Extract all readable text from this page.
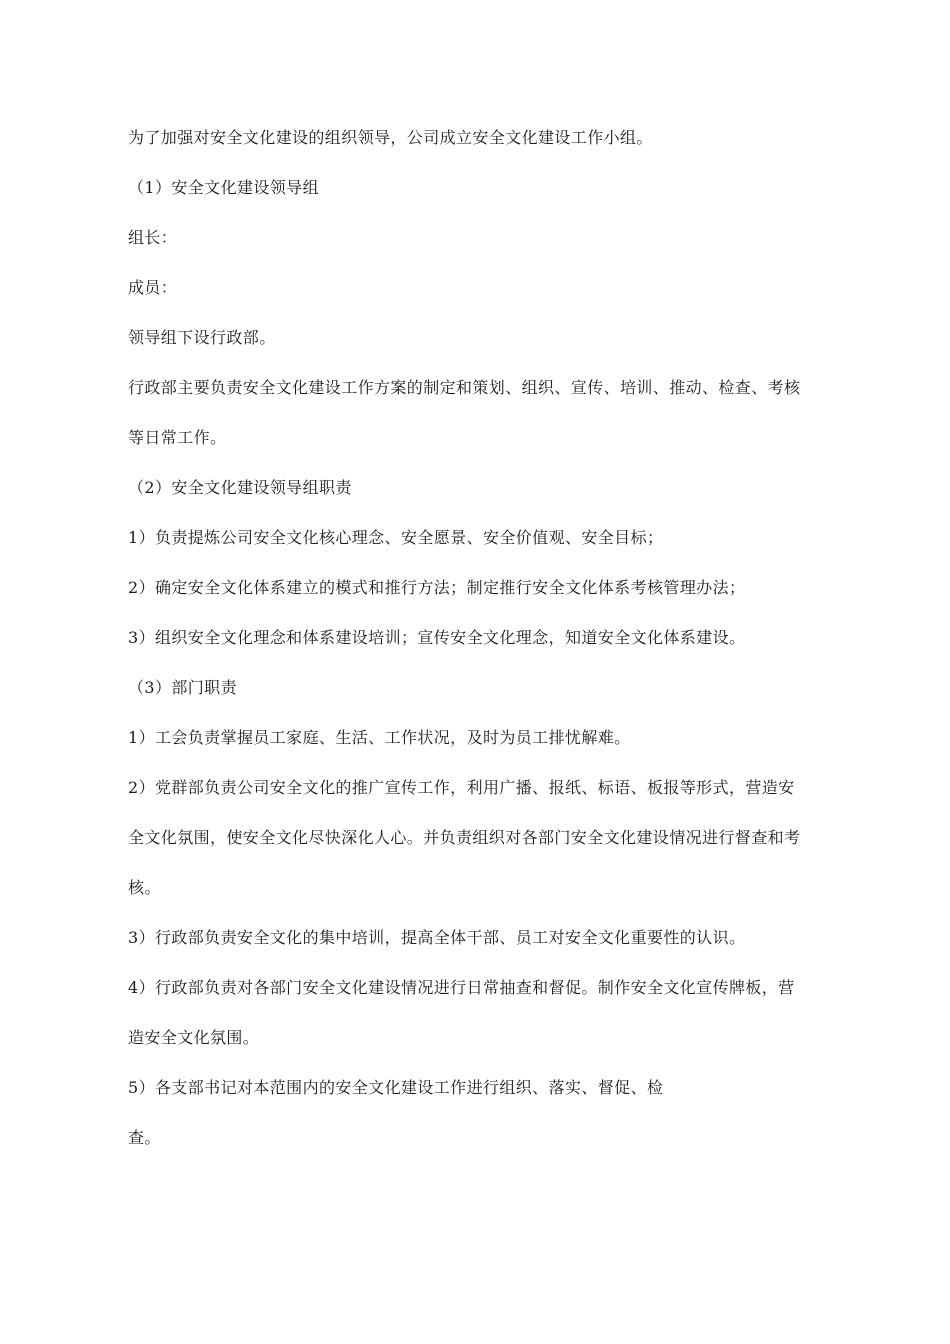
为了加强对安全文化建设的组织领导，公司成立安全文化建设工作小组。
（1）安全文化建设领导组
组长：
成员：
领导组下设行政部。
行政部主要负责安全文化建设工作方案的制定和策划、组织、宣传、培训、推动、检查、考核
等日常工作。
（2）安全文化建设领导组职责
1）负责提炼公司安全文化核心理念、安全愿景、安全价值观、安全目标；
2）确定安全文化体系建立的模式和推行方法；制定推行安全文化体系考核管理办法；
3）组织安全文化理念和体系建设培训；宣传安全文化理念，知道安全文化体系建设。
（3）部门职责
1）工会负责掌握员工家庭、生活、工作状况，及时为员工排忧解难。
2）党群部负责公司安全文化的推广宣传工作，利用广播、报纸、标语、板报等形式，营造安
全文化氛围，使安全文化尽快深化人心。并负责组织对各部门安全文化建设情况进行督查和考
核。
3）行政部负责安全文化的集中培训，提高全体干部、员工对安全文化重要性的认识。
4）行政部负责对各部门安全文化建设情况进行日常抽查和督促。制作安全文化宣传牌板，营
造安全文化氛围。
5）各支部书记对本范围内的安全文化建设工作进行组织、落实、督促、检
查。
